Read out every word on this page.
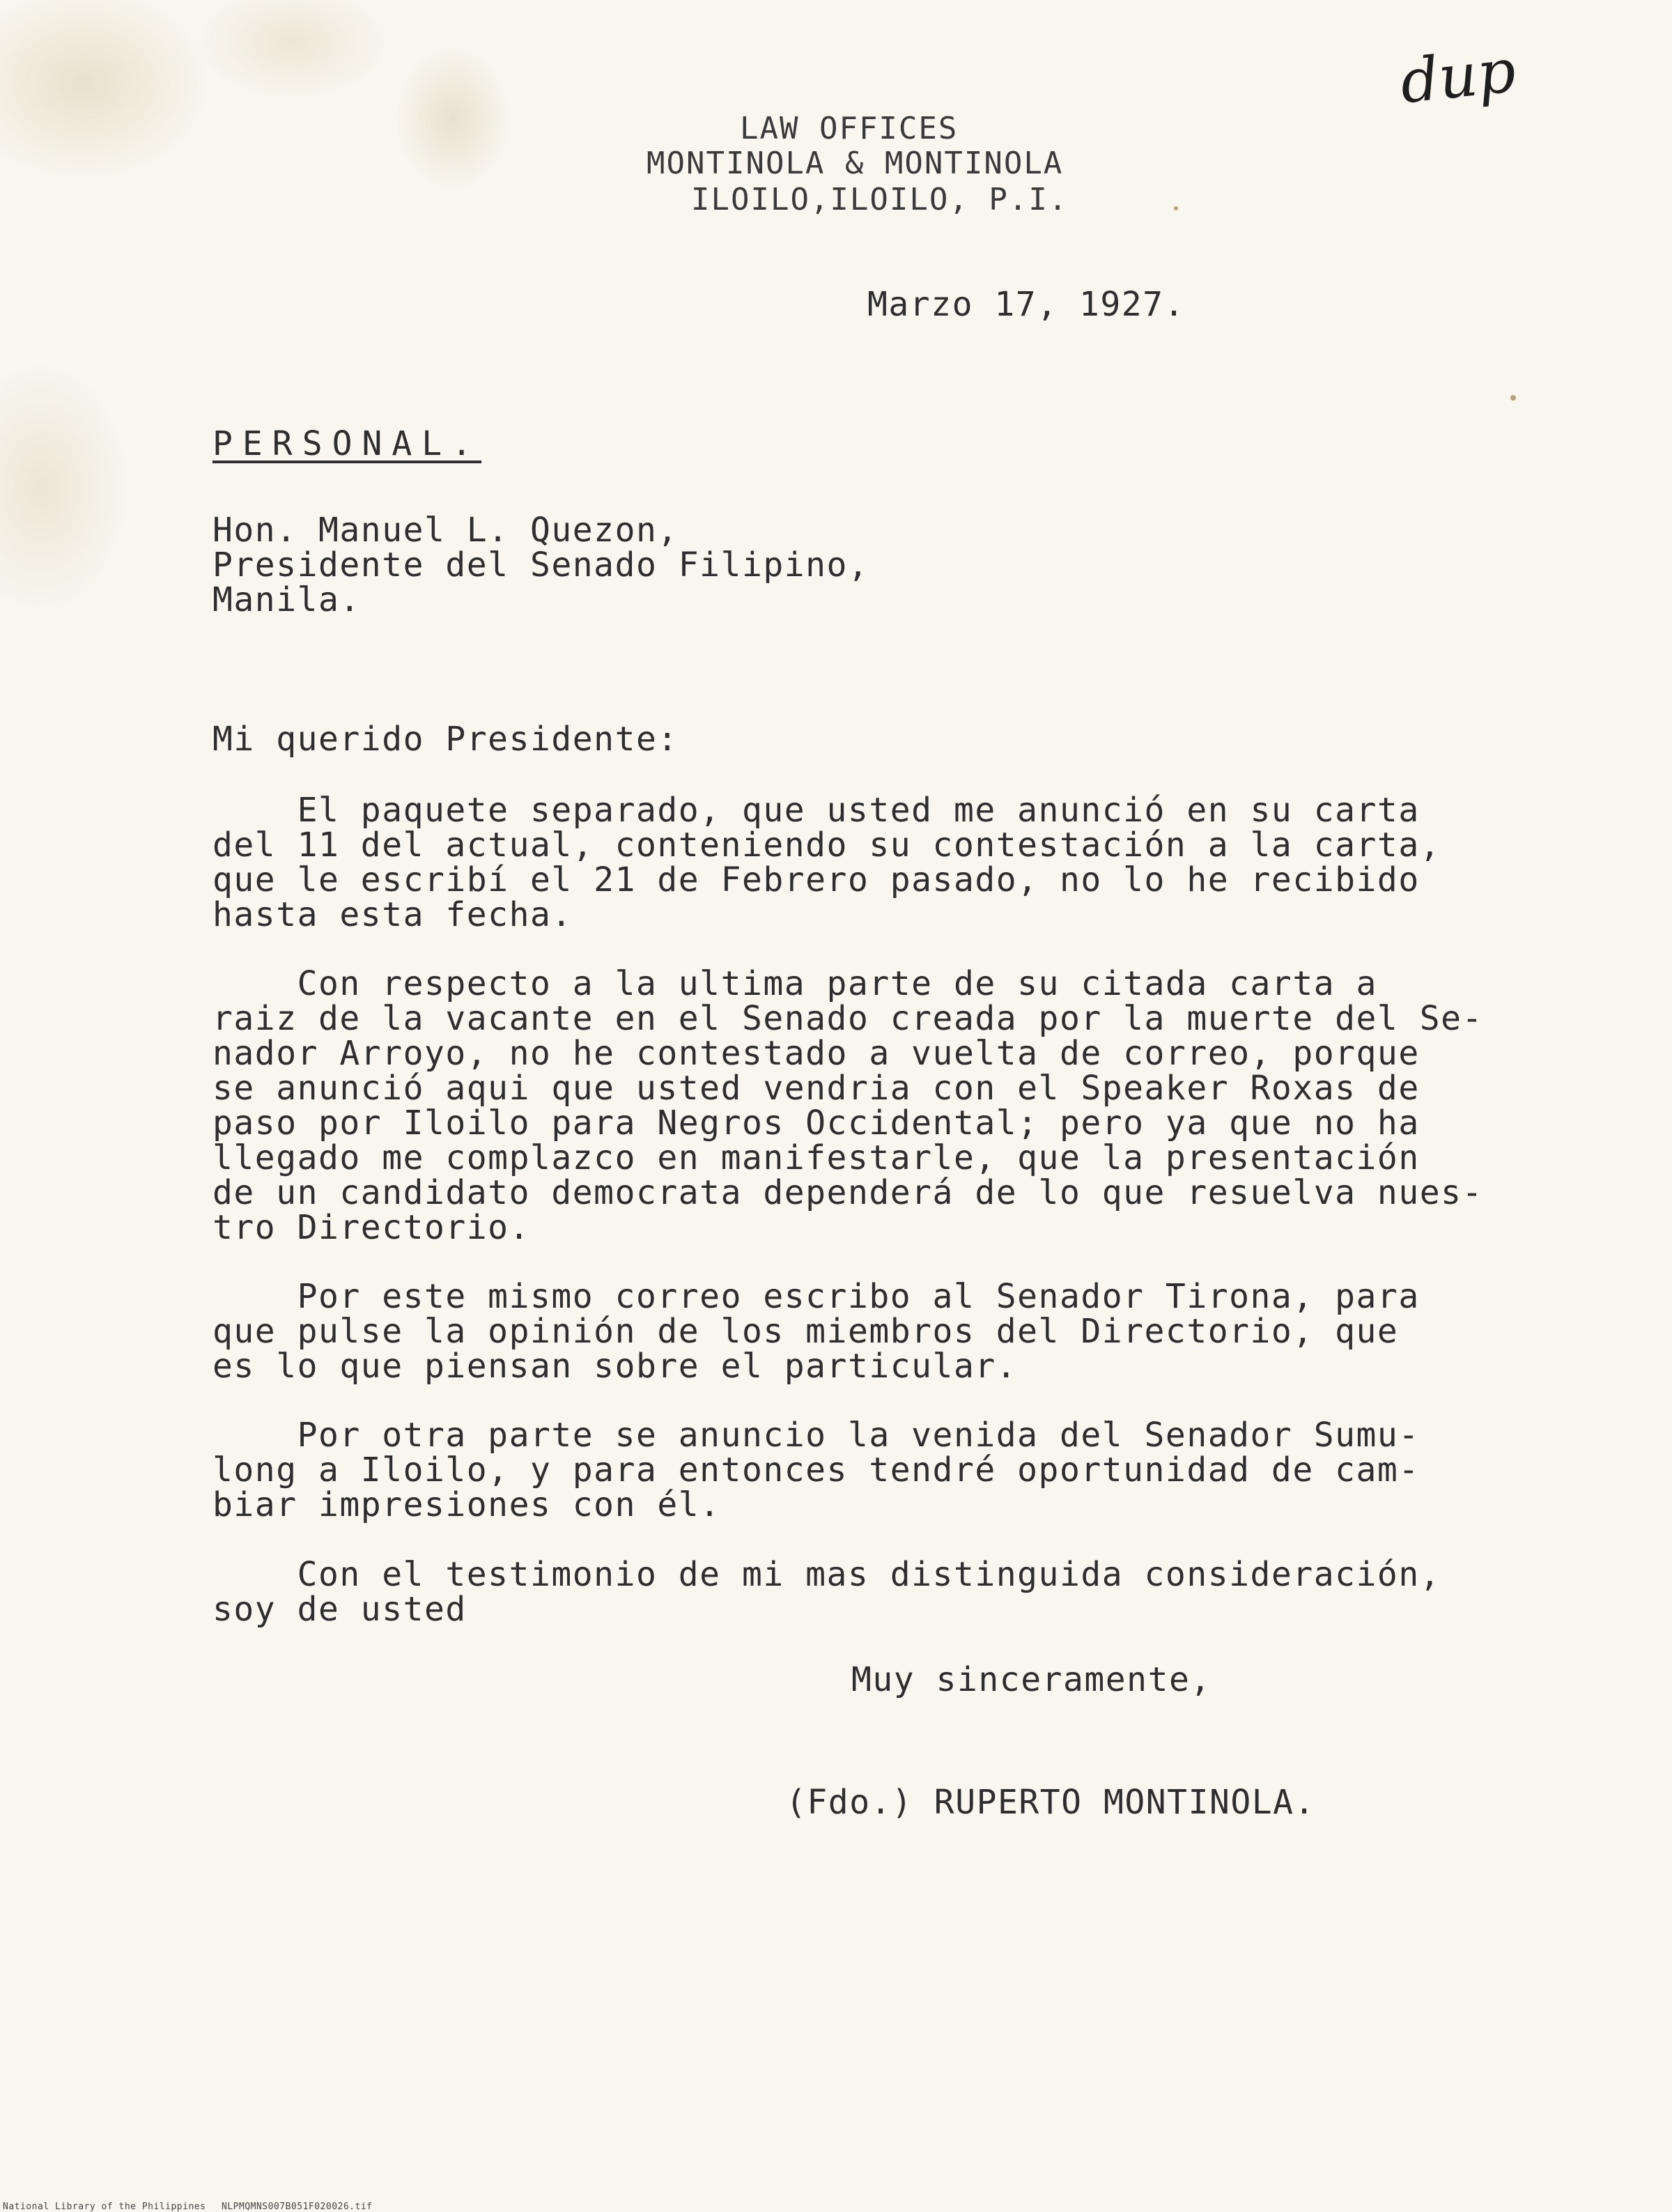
LAW OFFICES
MONTINOLA & MONTINOLA
ILOILO,ILOILO, P.I.
dup
Marzo 17, 1927.
PERSONAL.
Hon. Manuel L. Quezon,
Presidente del Senado Filipino,
Manila.
Mi querido Presidente:
El paquete separado, que usted me anunció en su carta
del 11 del actual, conteniendo su contestación a la carta,
que le escribí el 21 de Febrero pasado, no lo he recibido
hasta esta fecha.
Con respecto a la ultima parte de su citada carta a
raiz de la vacante en el Senado creada por la muerte del Se-
nador Arroyo, no he contestado a vuelta de correo, porque
se anunció aqui que usted vendria con el Speaker Roxas de
paso por Iloilo para Negros Occidental; pero ya que no ha
llegado me complazco en manifestarle, que la presentación
de un candidato democrata dependerá de lo que resuelva nues-
tro Directorio.
Por este mismo correo escribo al Senador Tirona, para
que pulse la opinión de los miembros del Directorio, que
es lo que piensan sobre el particular.
Por otra parte se anuncio la venida del Senador Sumu-
long a Iloilo, y para entonces tendré oportunidad de cam-
biar impresiones con él.
Con el testimonio de mi mas distinguida consideración,
soy de usted
Muy sinceramente,
(Fdo.) RUPERTO MONTINOLA.
National Library of the Philippines NLPMQMNS007B051F020026.tif
